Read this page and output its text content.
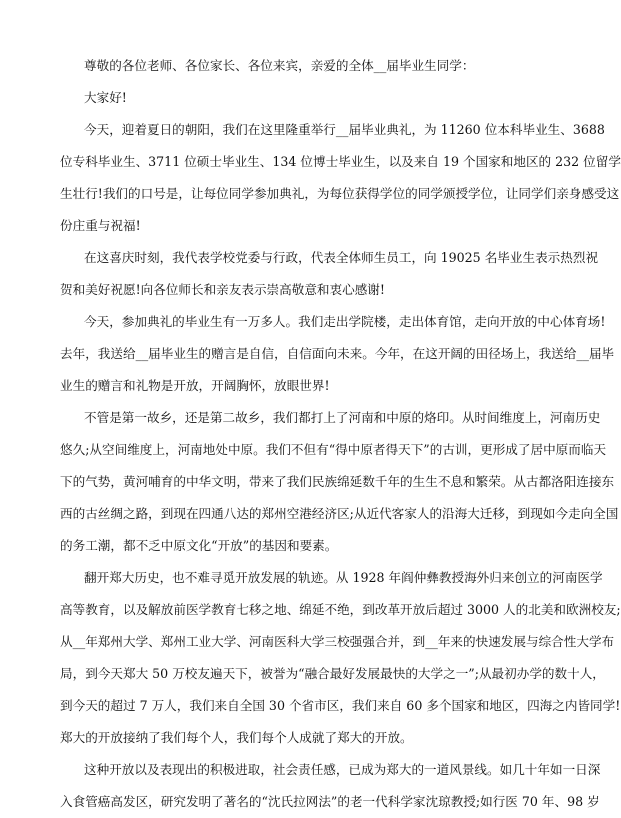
尊敬的各位老师、各位家长、各位来宾，亲爱的全体__届毕业生同学：
大家好!
今天，迎着夏日的朝阳，我们在这里隆重举行__届毕业典礼，为 11260 位本科毕业生、3688
位专科毕业生、3711 位硕士毕业生、134 位博士毕业生，以及来自 19 个国家和地区的 232 位留学
生壮行!我们的口号是，让每位同学参加典礼，为每位获得学位的同学颁授学位，让同学们亲身感受这
份庄重与祝福!
在这喜庆时刻，我代表学校党委与行政，代表全体师生员工，向 19025 名毕业生表示热烈祝
贺和美好祝愿!向各位师长和亲友表示崇高敬意和衷心感谢!
今天，参加典礼的毕业生有一万多人。我们走出学院楼，走出体育馆，走向开放的中心体育场!
去年，我送给__届毕业生的赠言是自信，自信面向未来。今年，在这开阔的田径场上，我送给__届毕
业生的赠言和礼物是开放，开阔胸怀，放眼世界!
不管是第一故乡，还是第二故乡，我们都打上了河南和中原的烙印。从时间维度上，河南历史
悠久;从空间维度上，河南地处中原。我们不但有“得中原者得天下”的古训，更形成了居中原而临天
下的气势，黄河哺育的中华文明，带来了我们民族绵延数千年的生生不息和繁荣。从古都洛阳连接东
西的古丝绸之路，到现在四通八达的郑州空港经济区;从近代客家人的沿海大迁移，到现如今走向全国
的务工潮，都不乏中原文化“开放”的基因和要素。
翻开郑大历史，也不难寻觅开放发展的轨迹。从 1928 年阎仲彝教授海外归来创立的河南医学
高等教育，以及解放前医学教育七移之地、绵延不绝，到改革开放后超过 3000 人的北美和欧洲校友;
从__年郑州大学、郑州工业大学、河南医科大学三校强强合并，到__年来的快速发展与综合性大学布
局，到今天郑大 50 万校友遍天下，被誉为“融合最好发展最快的大学之一”;从最初办学的数十人，
到今天的超过 7 万人，我们来自全国 30 个省市区，我们来自 60 多个国家和地区，四海之内皆同学!
郑大的开放接纳了我们每个人，我们每个人成就了郑大的开放。
这种开放以及表现出的积极进取，社会责任感，已成为郑大的一道风景线。如几十年如一日深
入食管癌高发区，研究发明了著名的“沈氏拉网法”的老一代科学家沈琼教授;如行医 70 年、98 岁
